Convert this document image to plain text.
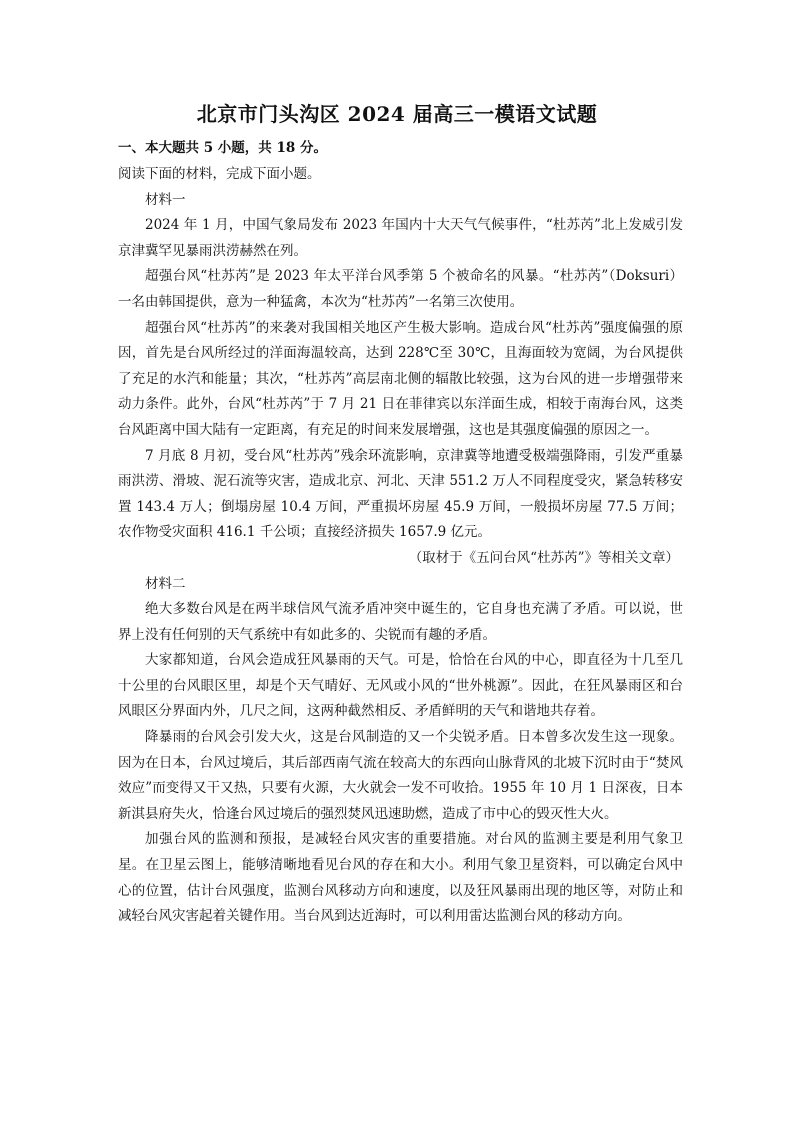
北京市门头沟区 2024 届高三一模语文试题
一、本大题共 5 小题，共 18 分。

阅读下面的材料，完成下面小题。

材料一

2024 年 1 月，中国气象局发布 2023 年国内十大天气气候事件，“杜苏芮”北上发威引发京津冀罕见暴雨洪涝赫然在列。

超强台风“杜苏芮”是 2023 年太平洋台风季第 5 个被命名的风暴。“杜苏芮”（Doksuri）一名由韩国提供，意为一种猛禽，本次为“杜苏芮”一名第三次使用。

超强台风“杜苏芮”的来袭对我国相关地区产生极大影响。造成台风“杜苏芮”强度偏强的原因，首先是台风所经过的洋面海温较高，达到 228℃至 30℃，且海面较为宽阔，为台风提供了充足的水汽和能量；其次，“杜苏芮”高层南北侧的辐散比较强，这为台风的进一步增强带来动力条件。此外，台风“杜苏芮”于 7 月 21 日在菲律宾以东洋面生成，相较于南海台风，这类台风距离中国大陆有一定距离，有充足的时间来发展增强，这也是其强度偏强的原因之一。

7 月底 8 月初，受台风“杜苏芮”残余环流影响，京津冀等地遭受极端强降雨，引发严重暴雨洪涝、滑坡、泥石流等灾害，造成北京、河北、天津 551.2 万人不同程度受灾，紧急转移安置 143.4 万人；倒塌房屋 10.4 万间，严重损坏房屋 45.9 万间，一般损坏房屋 77.5 万间；农作物受灾面积 416.1 千公顷；直接经济损失 1657.9 亿元。

（取材于《五问台风“杜苏芮”》等相关文章）

材料二

绝大多数台风是在两半球信风气流矛盾冲突中诞生的，它自身也充满了矛盾。可以说，世界上没有任何别的天气系统中有如此多的、尖锐而有趣的矛盾。

大家都知道，台风会造成狂风暴雨的天气。可是，恰恰在台风的中心，即直径为十几至几十公里的台风眼区里，却是个天气晴好、无风或小风的“世外桃源”。因此，在狂风暴雨区和台风眼区分界面内外，几尺之间，这两种截然相反、矛盾鲜明的天气和谐地共存着。

降暴雨的台风会引发大火，这是台风制造的又一个尖锐矛盾。日本曾多次发生这一现象。因为在日本，台风过境后，其后部西南气流在较高大的东西向山脉背风的北坡下沉时由于“焚风效应”而变得又干又热，只要有火源，大火就会一发不可收拾。1955 年 10 月 1 日深夜，日本新淇县府失火，恰逢台风过境后的强烈焚风迅速助燃，造成了市中心的毁灭性大火。

加强台风的监测和预报，是减轻台风灾害的重要措施。对台风的监测主要是利用气象卫星。在卫星云图上，能够清晰地看见台风的存在和大小。利用气象卫星资料，可以确定台风中心的位置，估计台风强度，监测台风移动方向和速度，以及狂风暴雨出现的地区等，对防止和减轻台风灾害起着关键作用。当台风到达近海时，可以利用雷达监测台风的移动方向。
